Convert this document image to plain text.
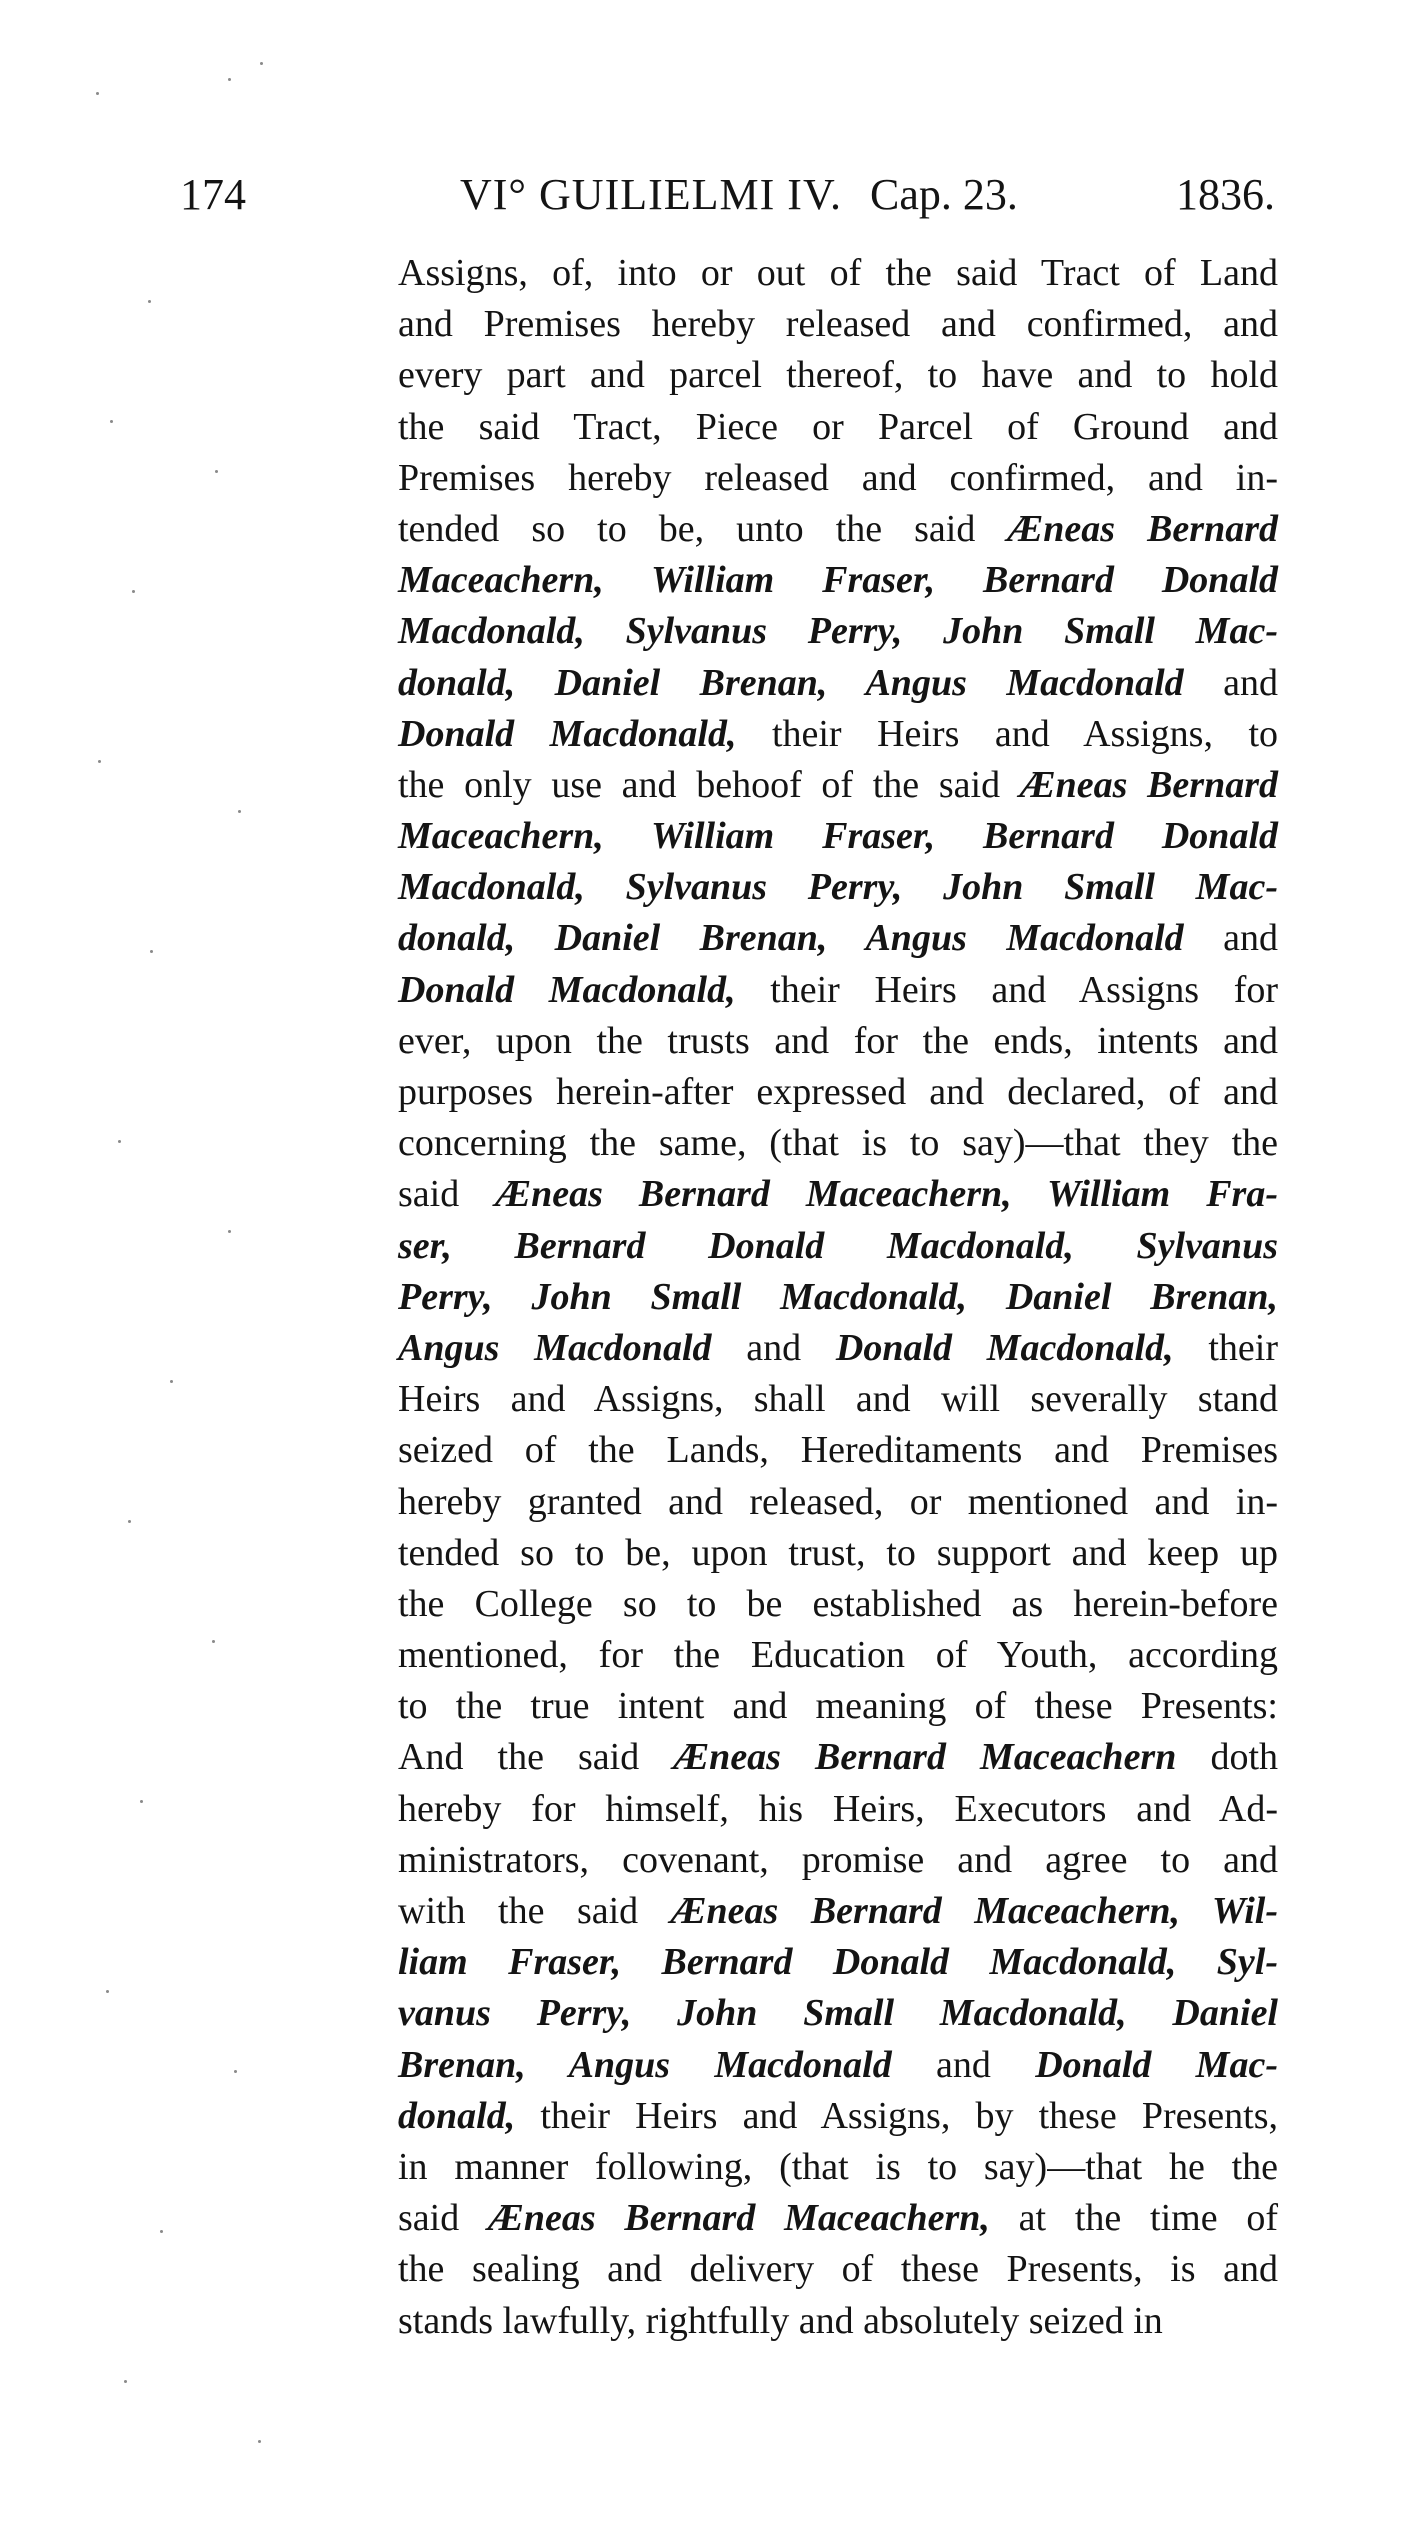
174	VI° GUILIELMI IV. Cap. 23.	1836.
Assigns, of, into or out of the said Tract of Land
and Premises hereby released and confirmed, and
every part and parcel thereof, to have and to hold
the said Tract, Piece or Parcel of Ground and
Premises hereby released and confirmed, and in-
tended so to be, unto the said Æneas Bernard
Maceachern, William Fraser, Bernard Donald
Macdonald, Sylvanus Perry, John Small Mac-
donald, Daniel Brenan, Angus Macdonald and
Donald Macdonald, their Heirs and Assigns, to
the only use and behoof of the said Æneas Bernard
Maceachern, William Fraser, Bernard Donald
Macdonald, Sylvanus Perry, John Small Mac-
donald, Daniel Brenan, Angus Macdonald and
Donald Macdonald, their Heirs and Assigns for
ever, upon the trusts and for the ends, intents and
purposes herein-after expressed and declared, of and
concerning the same, (that is to say)—that they the
said Æneas Bernard Maceachern, William Fra-
ser, Bernard Donald Macdonald, Sylvanus
Perry, John Small Macdonald, Daniel Brenan,
Angus Macdonald and Donald Macdonald, their
Heirs and Assigns, shall and will severally stand
seized of the Lands, Hereditaments and Premises
hereby granted and released, or mentioned and in-
tended so to be, upon trust, to support and keep up
the College so to be established as herein-before
mentioned, for the Education of Youth, according
to the true intent and meaning of these Presents:
And the said Æneas Bernard Maceachern doth
hereby for himself, his Heirs, Executors and Ad-
ministrators, covenant, promise and agree to and
with the said Æneas Bernard Maceachern, Wil-
liam Fraser, Bernard Donald Macdonald, Syl-
vanus Perry, John Small Macdonald, Daniel
Brenan, Angus Macdonald and Donald Mac-
donald, their Heirs and Assigns, by these Presents,
in manner following, (that is to say)—that he the
said Æneas Bernard Maceachern, at the time of
the sealing and delivery of these Presents, is and
stands lawfully, rightfully and absolutely seized in
